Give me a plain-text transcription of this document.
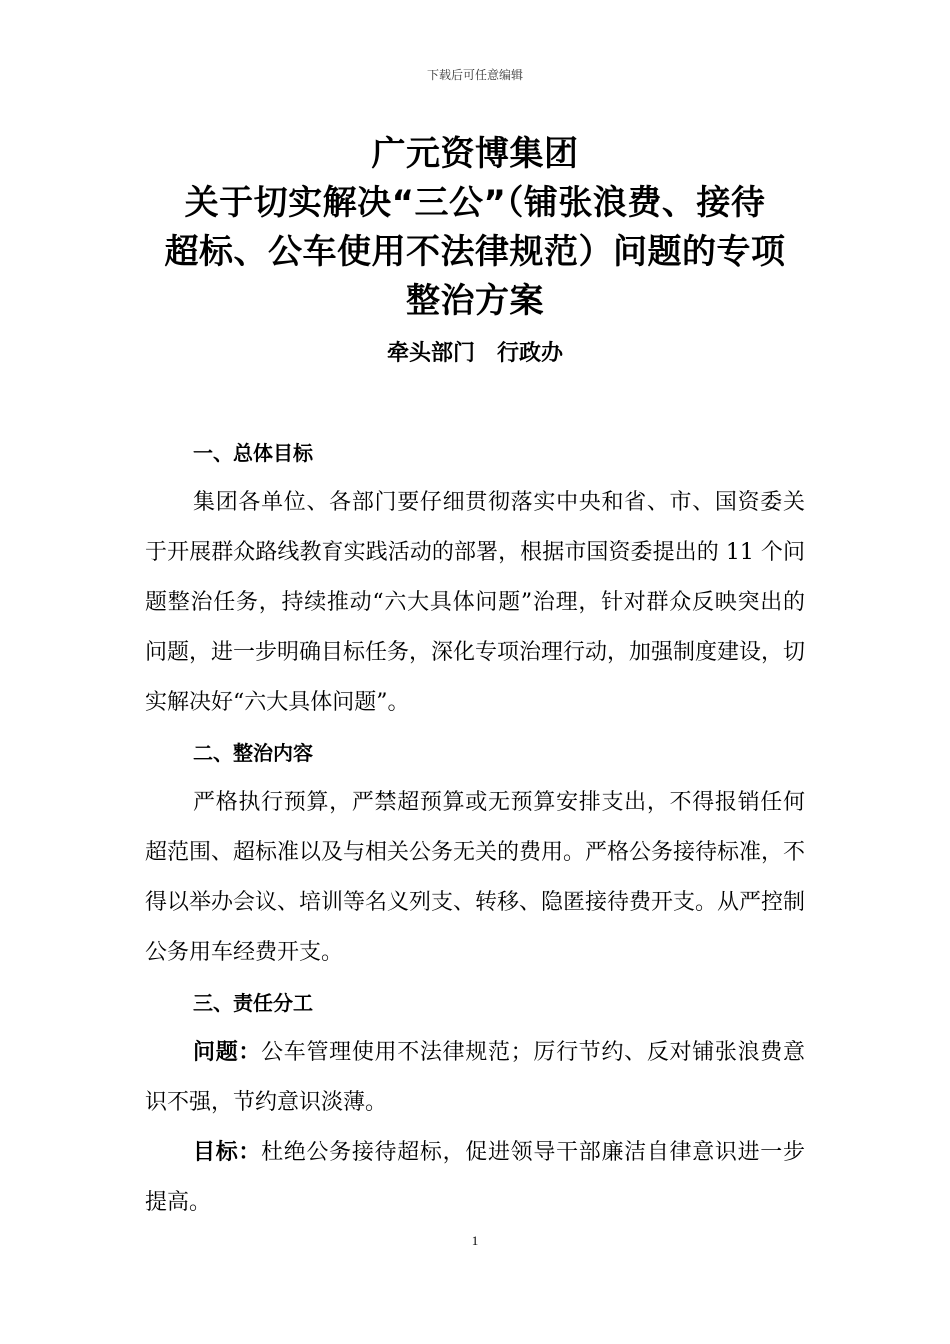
下载后可任意编辑
广元资博集团
关于切实解决“三公”（铺张浪费、接待
超标、公车使用不法律规范）问题的专项
整治方案
牵头部门　行政办
一、总体目标

集团各单位、各部门要仔细贯彻落实中央和省、市、国资委关于开展群众路线教育实践活动的部署，根据市国资委提出的 11 个问题整治任务，持续推动“六大具体问题”治理，针对群众反映突出的问题，进一步明确目标任务，深化专项治理行动，加强制度建设，切实解决好“六大具体问题”。

二、整治内容

严格执行预算，严禁超预算或无预算安排支出，不得报销任何超范围、超标准以及与相关公务无关的费用。严格公务接待标准，不得以举办会议、培训等名义列支、转移、隐匿接待费开支。从严控制公务用车经费开支。

三、责任分工

问题：公车管理使用不法律规范；厉行节约、反对铺张浪费意识不强，节约意识淡薄。

目标：杜绝公务接待超标，促进领导干部廉洁自律意识进一步提高。

1
